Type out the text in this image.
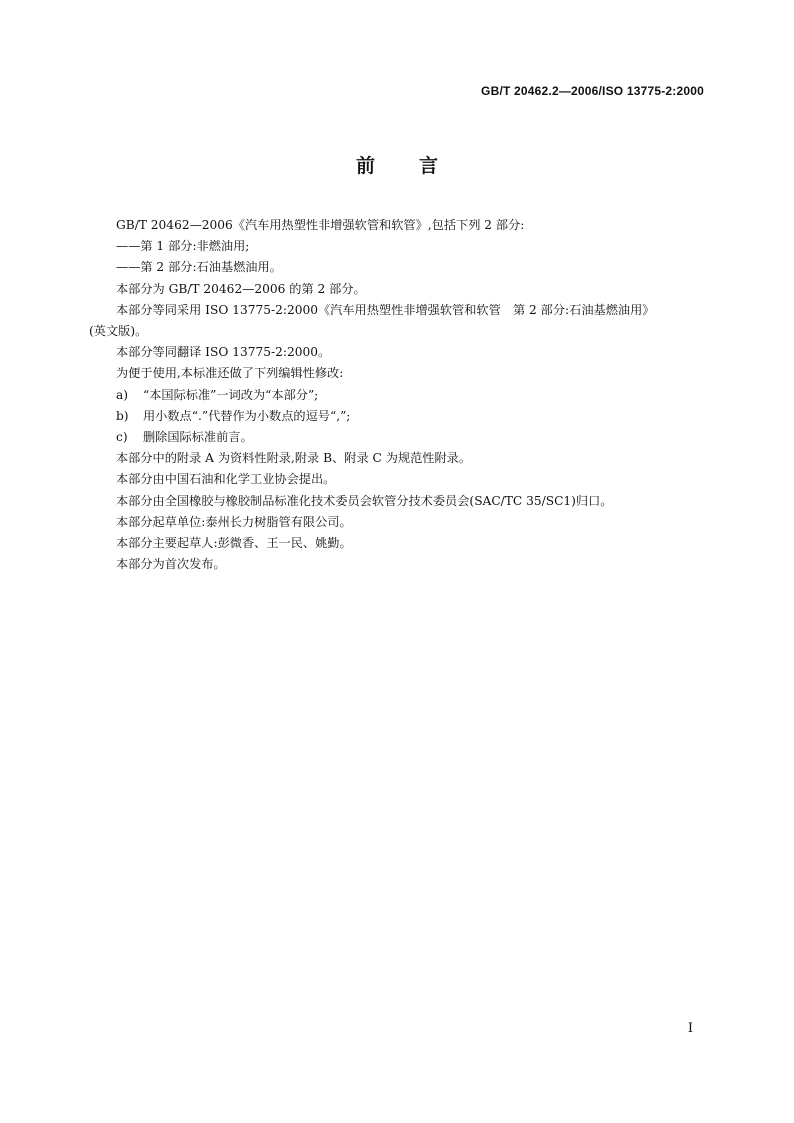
GB/T 20462.2—2006/ISO 13775-2:2000
前 言

GB/T 20462—2006《汽车用热塑性非增强软管和软管》,包括下列 2 部分:

——第 1 部分:非燃油用;

——第 2 部分:石油基燃油用。

本部分为 GB/T 20462—2006 的第 2 部分。

本部分等同采用 ISO 13775-2:2000《汽车用热塑性非增强软管和软管　第 2 部分:石油基燃油用》

(英文版)。

本部分等同翻译 ISO 13775-2:2000。

为便于使用,本标准还做了下列编辑性修改:

a) “本国际标准”一词改为“本部分”;

b) 用小数点“.”代替作为小数点的逗号“,”;

c) 删除国际标准前言。

本部分中的附录 A 为资料性附录,附录 B、附录 C 为规范性附录。

本部分由中国石油和化学工业协会提出。

本部分由全国橡胶与橡胶制品标准化技术委员会软管分技术委员会(SAC/TC 35/SC1)归口。

本部分起草单位:泰州长力树脂管有限公司。

本部分主要起草人:彭微香、王一民、姚勤。

本部分为首次发布。

I
